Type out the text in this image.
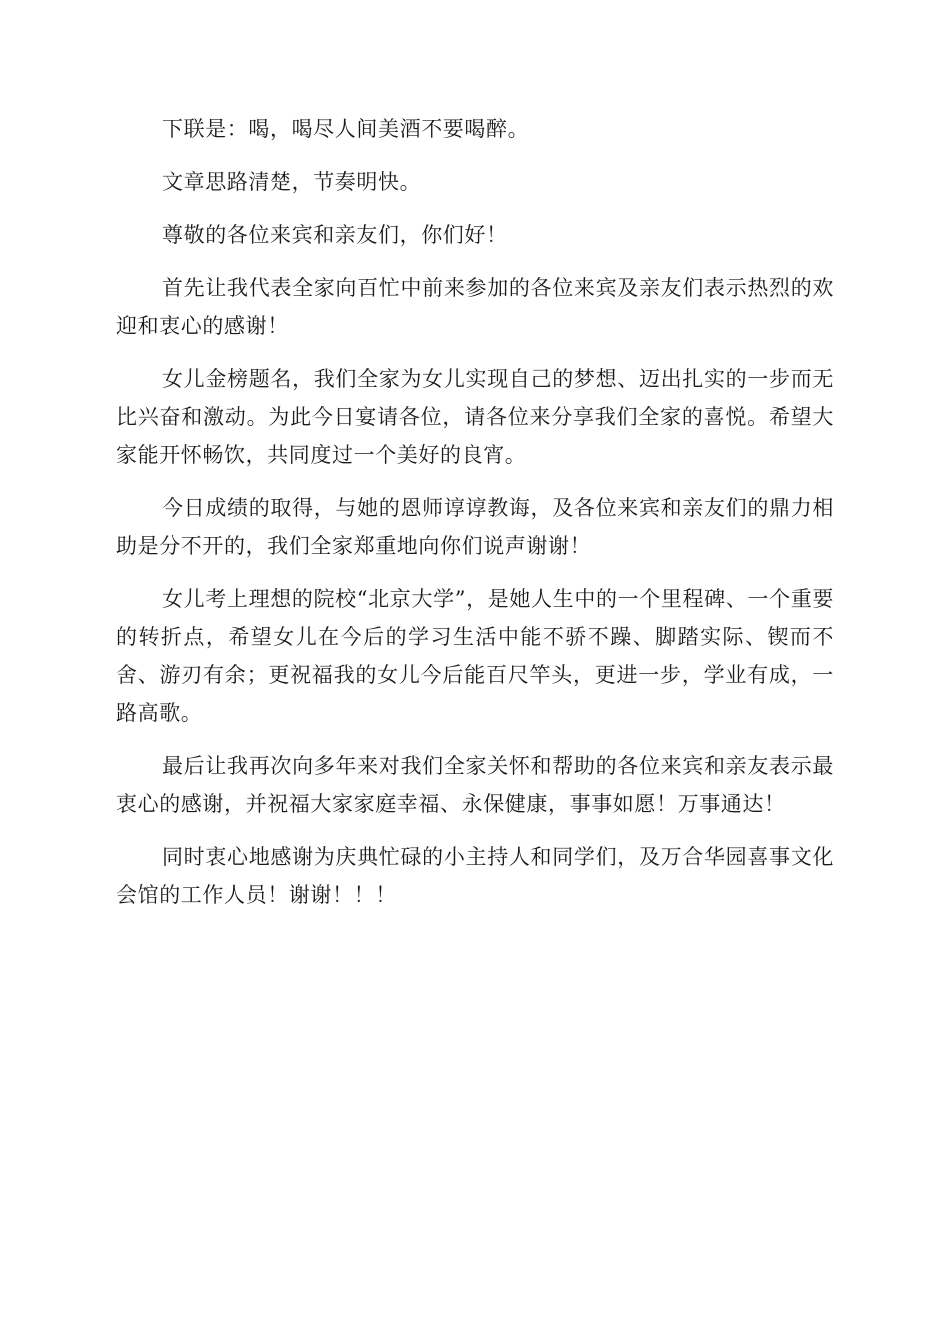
下联是：喝，喝尽人间美酒不要喝醉。

文章思路清楚，节奏明快。

尊敬的各位来宾和亲友们，你们好！

首先让我代表全家向百忙中前来参加的各位来宾及亲友们表示热烈的欢迎和衷心的感谢！

女儿金榜题名，我们全家为女儿实现自己的梦想、迈出扎实的一步而无比兴奋和激动。为此今日宴请各位，请各位来分享我们全家的喜悦。希望大家能开怀畅饮，共同度过一个美好的良宵。

今日成绩的取得，与她的恩师谆谆教诲，及各位来宾和亲友们的鼎力相助是分不开的，我们全家郑重地向你们说声谢谢！

女儿考上理想的院校“北京大学”，是她人生中的一个里程碑、一个重要的转折点，希望女儿在今后的学习生活中能不骄不躁、脚踏实际、锲而不舍、游刃有余；更祝福我的女儿今后能百尺竿头，更进一步，学业有成，一路高歌。

最后让我再次向多年来对我们全家关怀和帮助的各位来宾和亲友表示最衷心的感谢，并祝福大家家庭幸福、永保健康，事事如愿！万事通达！

同时衷心地感谢为庆典忙碌的小主持人和同学们，及万合华园喜事文化会馆的工作人员！谢谢！！！
